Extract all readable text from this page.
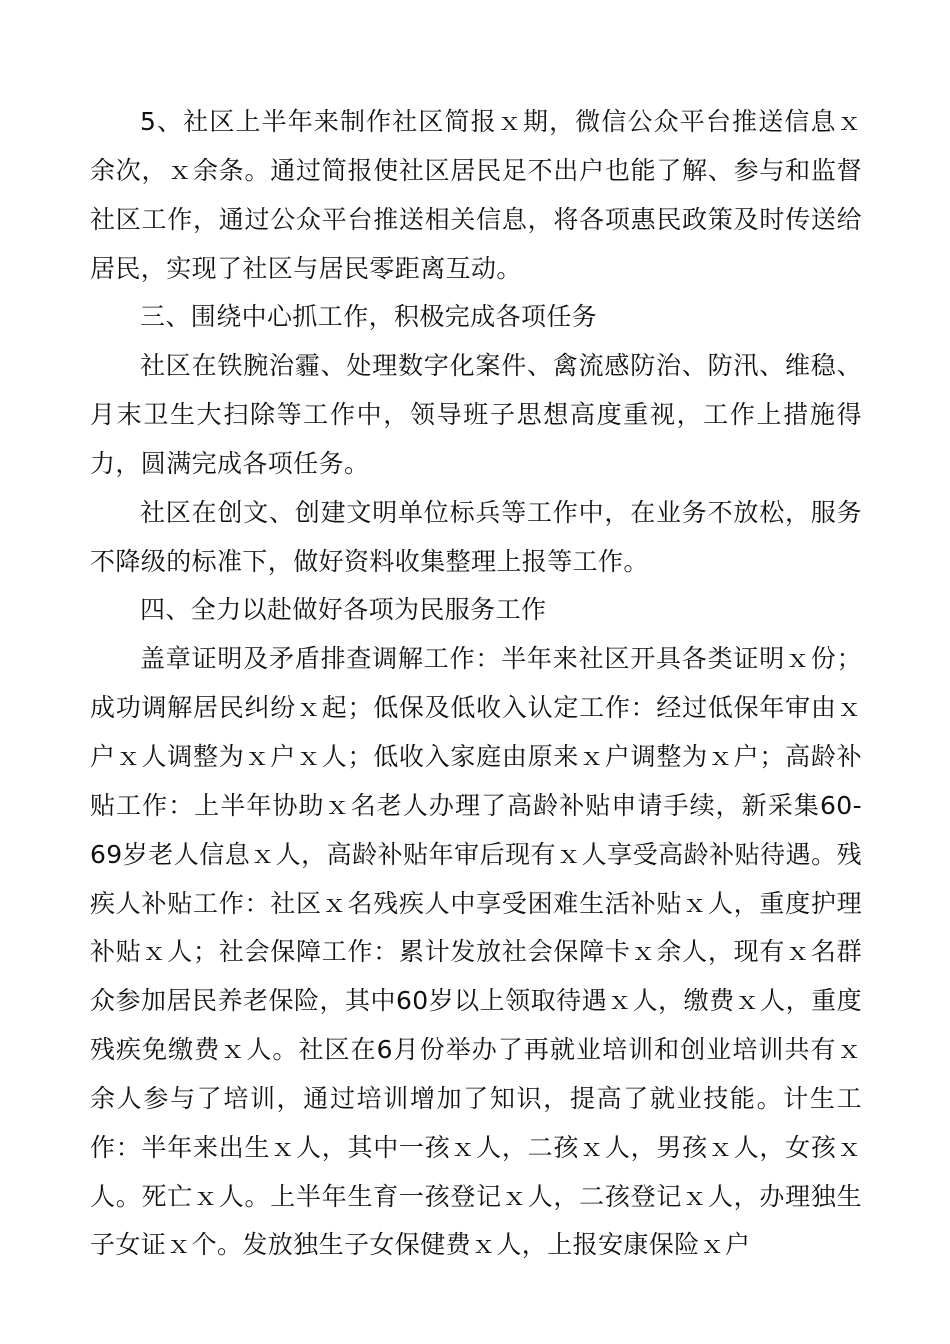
5、社区上半年来制作社区简报ｘ期，微信公众平台推送信息ｘ余次，ｘ余条。通过简报使社区居民足不出户也能了解、参与和监督社区工作，通过公众平台推送相关信息，将各项惠民政策及时传送给居民，实现了社区与居民零距离互动。

三、围绕中心抓工作，积极完成各项任务

社区在铁腕治霾、处理数字化案件、禽流感防治、防汛、维稳、月末卫生大扫除等工作中，领导班子思想高度重视，工作上措施得力，圆满完成各项任务。

社区在创文、创建文明单位标兵等工作中，在业务不放松，服务不降级的标准下，做好资料收集整理上报等工作。

四、全力以赴做好各项为民服务工作

盖章证明及矛盾排查调解工作：半年来社区开具各类证明ｘ份；成功调解居民纠纷ｘ起；低保及低收入认定工作：经过低保年审由ｘ户ｘ人调整为ｘ户ｘ人；低收入家庭由原来ｘ户调整为ｘ户；高龄补贴工作：上半年协助ｘ名老人办理了高龄补贴申请手续，新采集60-69岁老人信息ｘ人，高龄补贴年审后现有ｘ人享受高龄补贴待遇。残疾人补贴工作：社区ｘ名残疾人中享受困难生活补贴ｘ人，重度护理补贴ｘ人；社会保障工作：累计发放社会保障卡ｘ余人，现有ｘ名群众参加居民养老保险，其中60岁以上领取待遇ｘ人，缴费ｘ人，重度残疾免缴费ｘ人。社区在6月份举办了再就业培训和创业培训共有ｘ余人参与了培训，通过培训增加了知识，提高了就业技能。计生工作：半年来出生ｘ人，其中一孩ｘ人，二孩ｘ人，男孩ｘ人，女孩ｘ人。死亡ｘ人。上半年生育一孩登记ｘ人，二孩登记ｘ人，办理独生子女证ｘ个。发放独生子女保健费ｘ人，上报安康保险ｘ户
